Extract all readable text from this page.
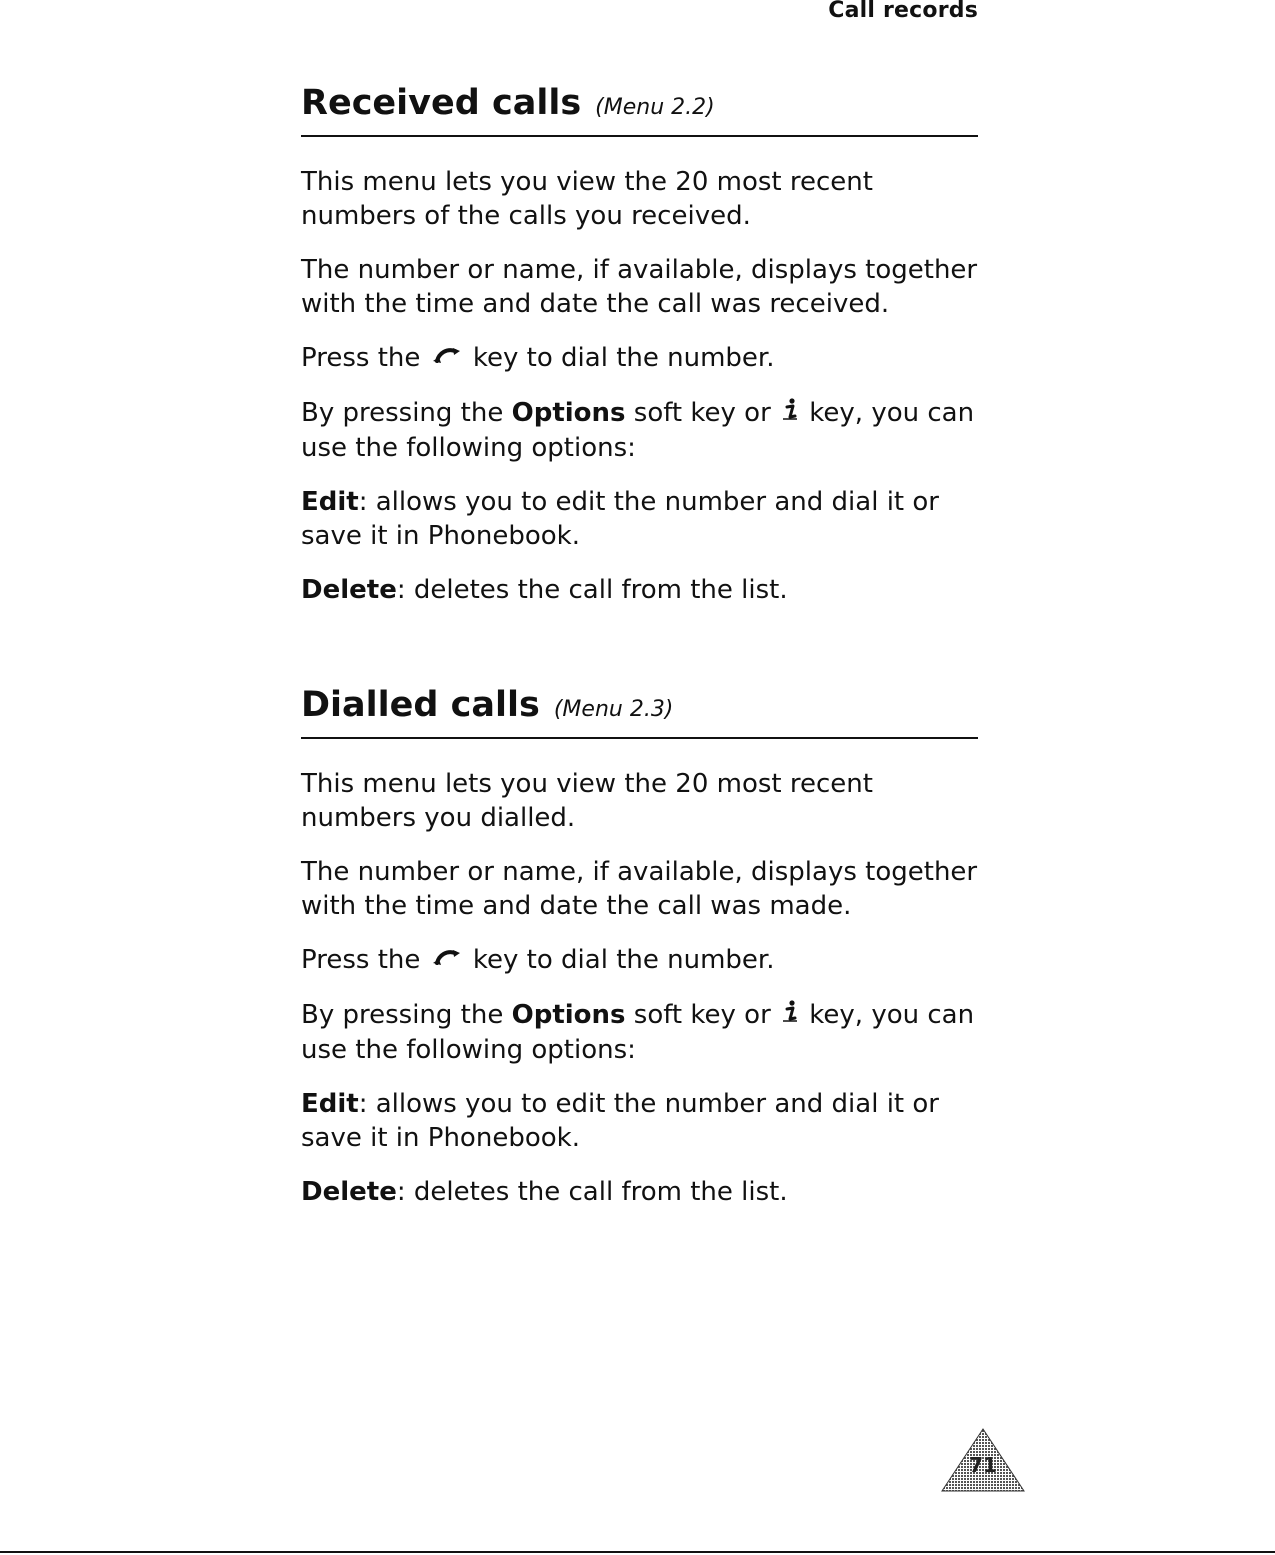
Call records
Received calls (Menu 2.2)

This menu lets you view the 20 most recent numbers of the calls you received.

The number or name, if available, displays together with the time and date the call was received.

Press the  key to dial the number.

By pressing the Options soft key or  key, you can use the following options:

Edit: allows you to edit the number and dial it or save it in Phonebook.

Delete: deletes the call from the list.

Dialled calls (Menu 2.3)

This menu lets you view the 20 most recent numbers you dialled.

The number or name, if available, displays together with the time and date the call was made.

Press the  key to dial the number.

By pressing the Options soft key or  key, you can use the following options:

Edit: allows you to edit the number and dial it or save it in Phonebook.

Delete: deletes the call from the list.

71
